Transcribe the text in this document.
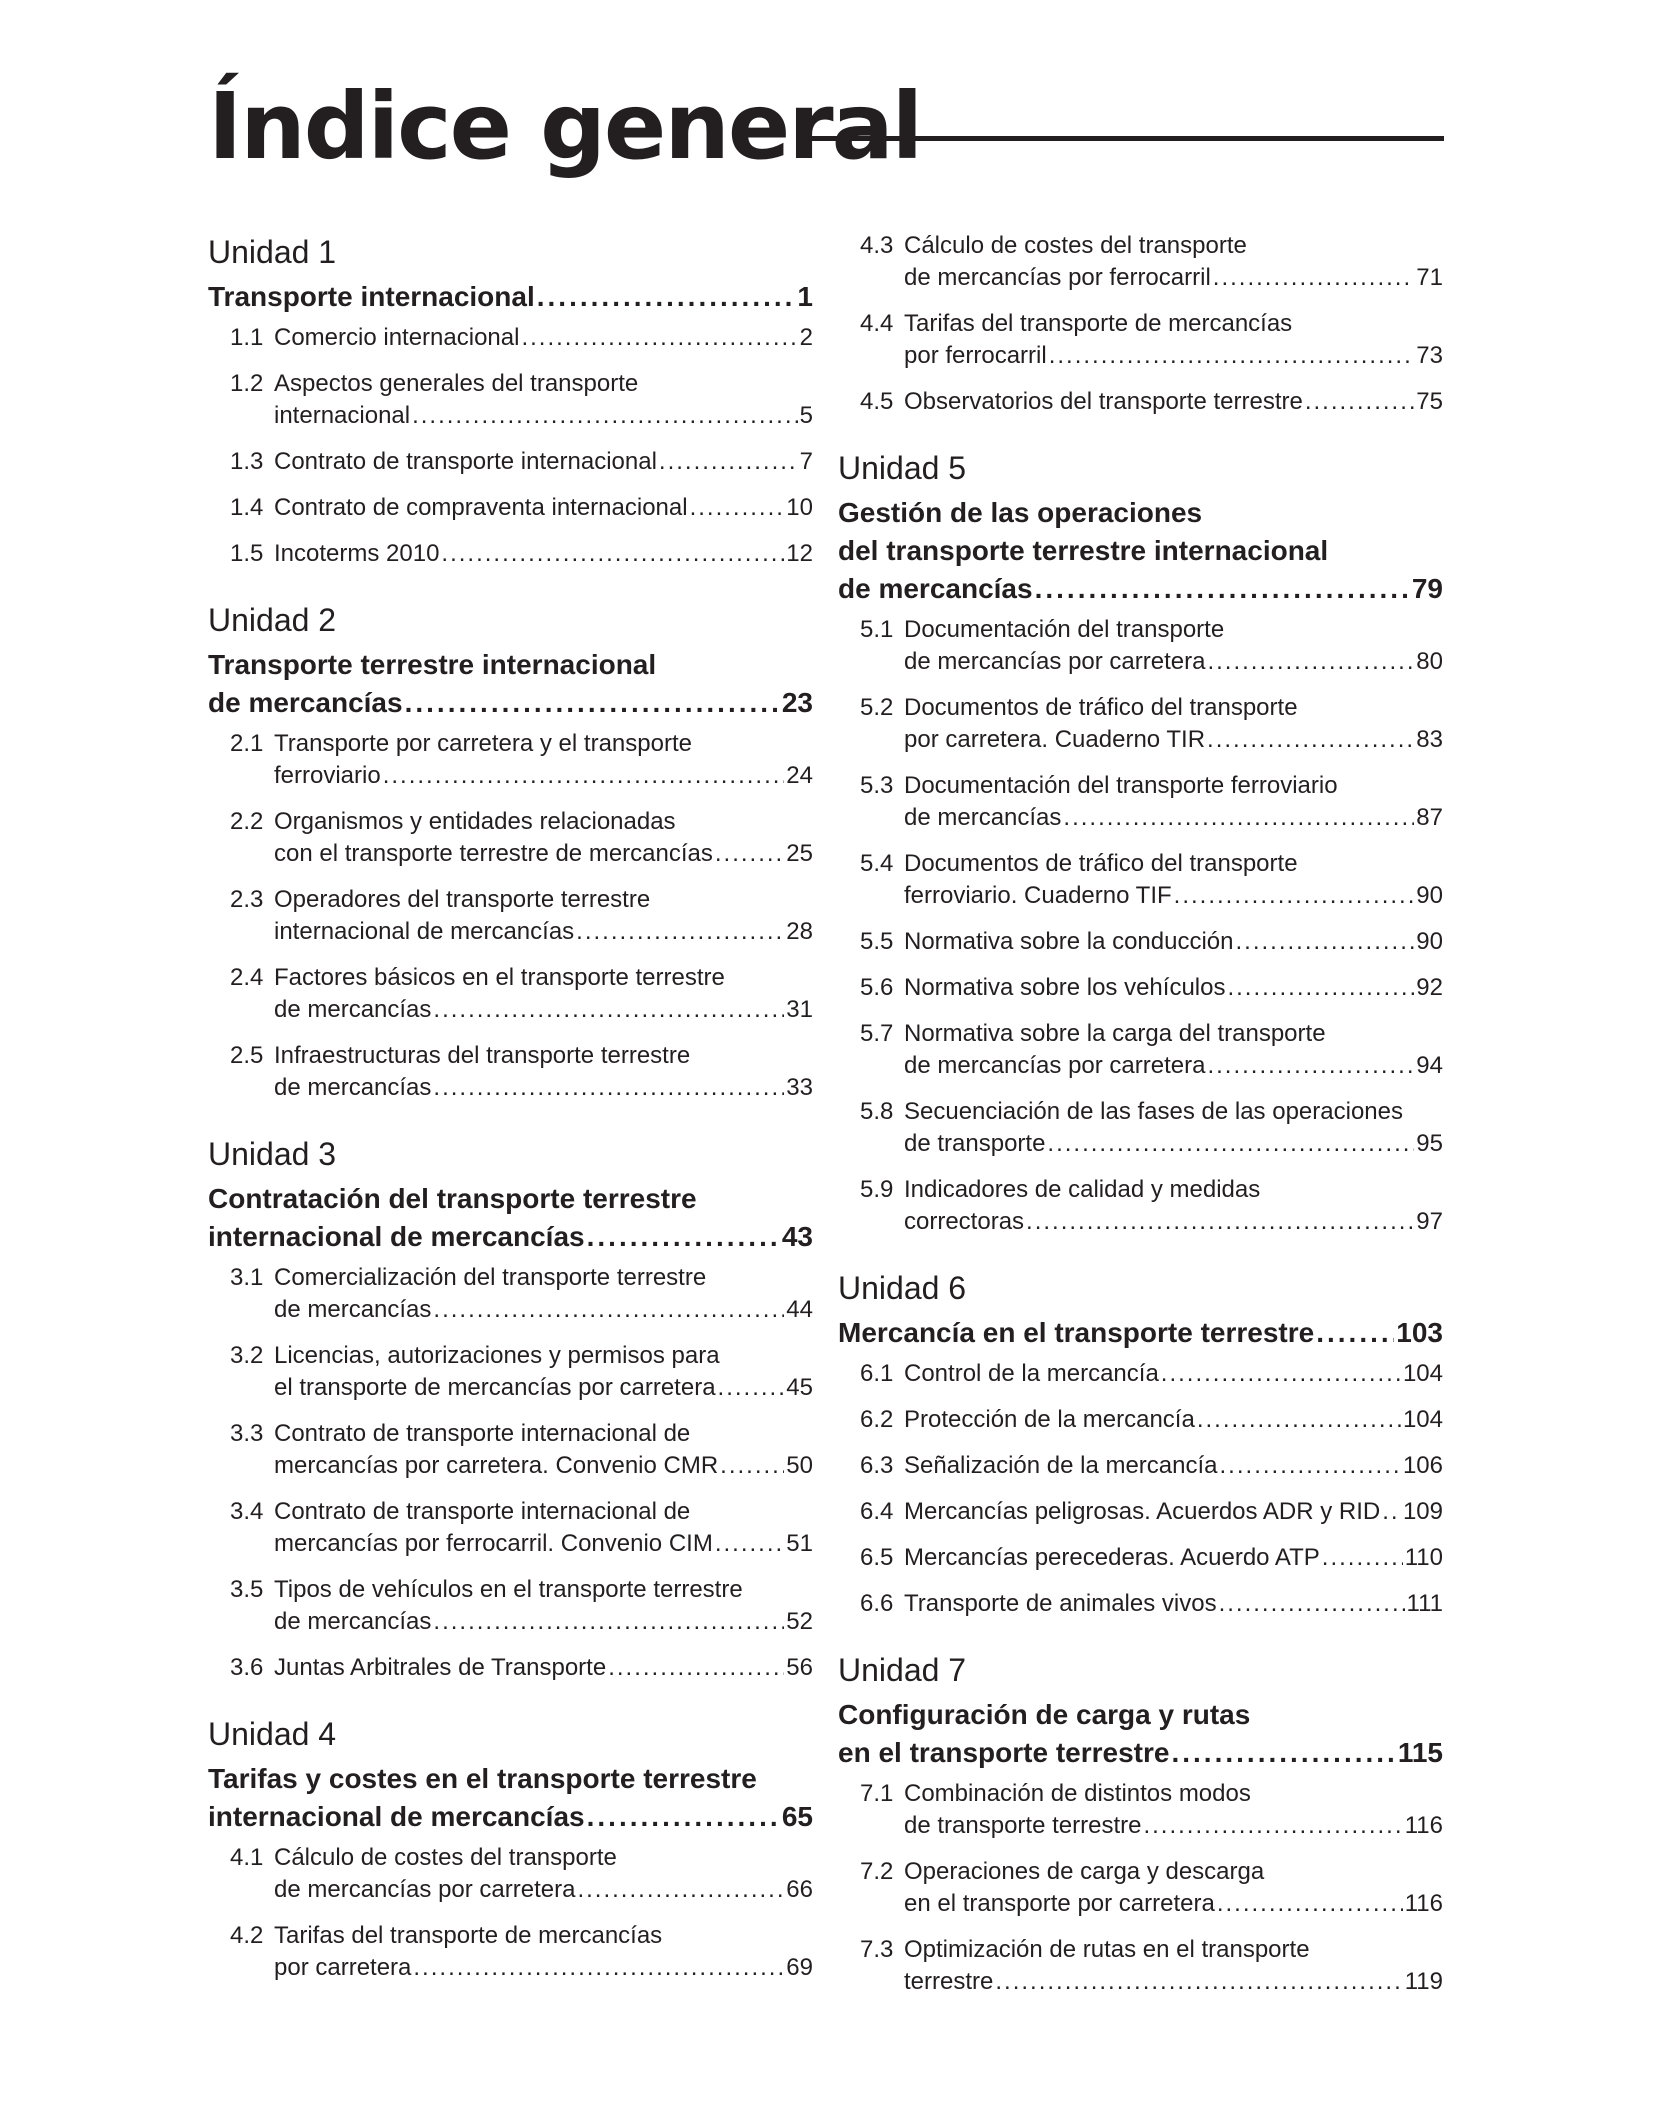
Índice general
Unidad 1
Transporte internacional .....	1
1.1 Comercio internacional .....	2
1.2 Aspectos generales del transporte
internacional .....	5
1.3 Contrato de transporte internacional .....	7
1.4 Contrato de compraventa internacional .....	10
1.5 Incoterms 2010 .....	12
Unidad 2
Transporte terrestre internacional
de mercancías .....	23
2.1 Transporte por carretera y el transporte
ferroviario .....	24
2.2 Organismos y entidades relacionadas
con el transporte terrestre de mercancías .....	25
2.3 Operadores del transporte terrestre
internacional de mercancías .....	28
2.4 Factores básicos en el transporte terrestre
de mercancías .....	31
2.5 Infraestructuras del transporte terrestre
de mercancías .....	33
Unidad 3
Contratación del transporte terrestre
internacional de mercancías .....	43
3.1 Comercialización del transporte terrestre
de mercancías .....	44
3.2 Licencias, autorizaciones y permisos para
el transporte de mercancías por carretera .....	45
3.3 Contrato de transporte internacional de
mercancías por carretera. Convenio CMR .....	50
3.4 Contrato de transporte internacional de
mercancías por ferrocarril. Convenio CIM .....	51
3.5 Tipos de vehículos en el transporte terrestre
de mercancías .....	52
3.6 Juntas Arbitrales de Transporte .....	56
Unidad 4
Tarifas y costes en el transporte terrestre
internacional de mercancías .....	65
4.1 Cálculo de costes del transporte
de mercancías por carretera .....	66
4.2 Tarifas del transporte de mercancías
por carretera .....	69
4.3 Cálculo de costes del transporte
de mercancías por ferrocarril .....	71
4.4 Tarifas del transporte de mercancías
por ferrocarril .....	73
4.5 Observatorios del transporte terrestre .....	75
Unidad 5
Gestión de las operaciones
del transporte terrestre internacional
de mercancías .....	79
5.1 Documentación del transporte
de mercancías por carretera .....	80
5.2 Documentos de tráfico del transporte
por carretera. Cuaderno TIR .....	83
5.3 Documentación del transporte ferroviario
de mercancías .....	87
5.4 Documentos de tráfico del transporte
ferroviario. Cuaderno TIF .....	90
5.5 Normativa sobre la conducción .....	90
5.6 Normativa sobre los vehículos .....	92
5.7 Normativa sobre la carga del transporte
de mercancías por carretera .....	94
5.8 Secuenciación de las fases de las operaciones
de transporte .....	95
5.9 Indicadores de calidad y medidas
correctoras .....	97
Unidad 6
Mercancía en el transporte terrestre .....	103
6.1 Control de la mercancía .....	104
6.2 Protección de la mercancía .....	104
6.3 Señalización de la mercancía .....	106
6.4 Mercancías peligrosas. Acuerdos ADR y RID ..... 109
6.5 Mercancías perecederas. Acuerdo ATP .....	110
6.6 Transporte de animales vivos .....	111
Unidad 7
Configuración de carga y rutas
en el transporte terrestre .....	115
7.1 Combinación de distintos modos
de transporte terrestre .....	116
7.2 Operaciones de carga y descarga
en el transporte por carretera .....	116
7.3 Optimización de rutas en el transporte
terrestre .....	119
